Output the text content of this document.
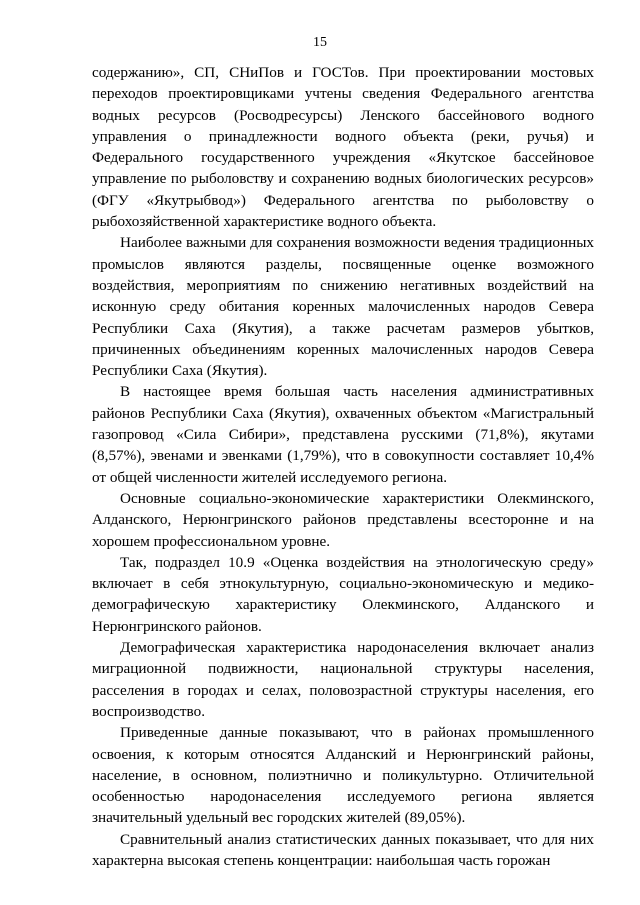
15

содержанию», СП, СНиПов и ГОСТов. При проектировании мостовых переходов проектировщиками учтены сведения Федерального агентства водных ресурсов (Росводресурсы) Ленского бассейнового водного управления о принадлежности водного объекта (реки, ручья) и Федерального государственного учреждения «Якутское бассейновое управление по рыболовству и сохранению водных биологических ресурсов» (ФГУ «Якутрыбвод») Федерального агентства по рыболовству о рыбохозяйственной характеристике водного объекта.

Наиболее важными для сохранения возможности ведения традиционных промыслов являются разделы, посвященные оценке возможного воздействия, мероприятиям по снижению негативных воздействий на исконную среду обитания коренных малочисленных народов Севера Республики Саха (Якутия), а также расчетам размеров убытков, причиненных объединениям коренных малочисленных народов Севера Республики Саха (Якутия).

В настоящее время большая часть населения административных районов Республики Саха (Якутия), охваченных объектом «Магистральный газопровод «Сила Сибири», представлена русскими (71,8%), якутами (8,57%), эвенами и эвенками (1,79%), что в совокупности составляет 10,4% от общей численности жителей исследуемого региона.

Основные социально-экономические характеристики Олекминского, Алданского, Нерюнгринского районов представлены всесторонне и на хорошем профессиональном уровне.

Так, подраздел 10.9 «Оценка воздействия на этнологическую среду» включает в себя этнокультурную, социально-экономическую и медико-демографическую характеристику Олекминского, Алданского и Нерюнгринского районов.

Демографическая характеристика народонаселения включает анализ миграционной подвижности, национальной структуры населения, расселения в городах и селах, половозрастной структуры населения, его воспроизводство.

Приведенные данные показывают, что в районах промышленного освоения, к которым относятся Алданский и Нерюнгринский районы, население, в основном, полиэтнично и поликультурно. Отличительной особенностью народонаселения исследуемого региона является значительный удельный вес городских жителей (89,05%).

Сравнительный анализ статистических данных показывает, что для них характерна высокая степень концентрации: наибольшая часть горожан
